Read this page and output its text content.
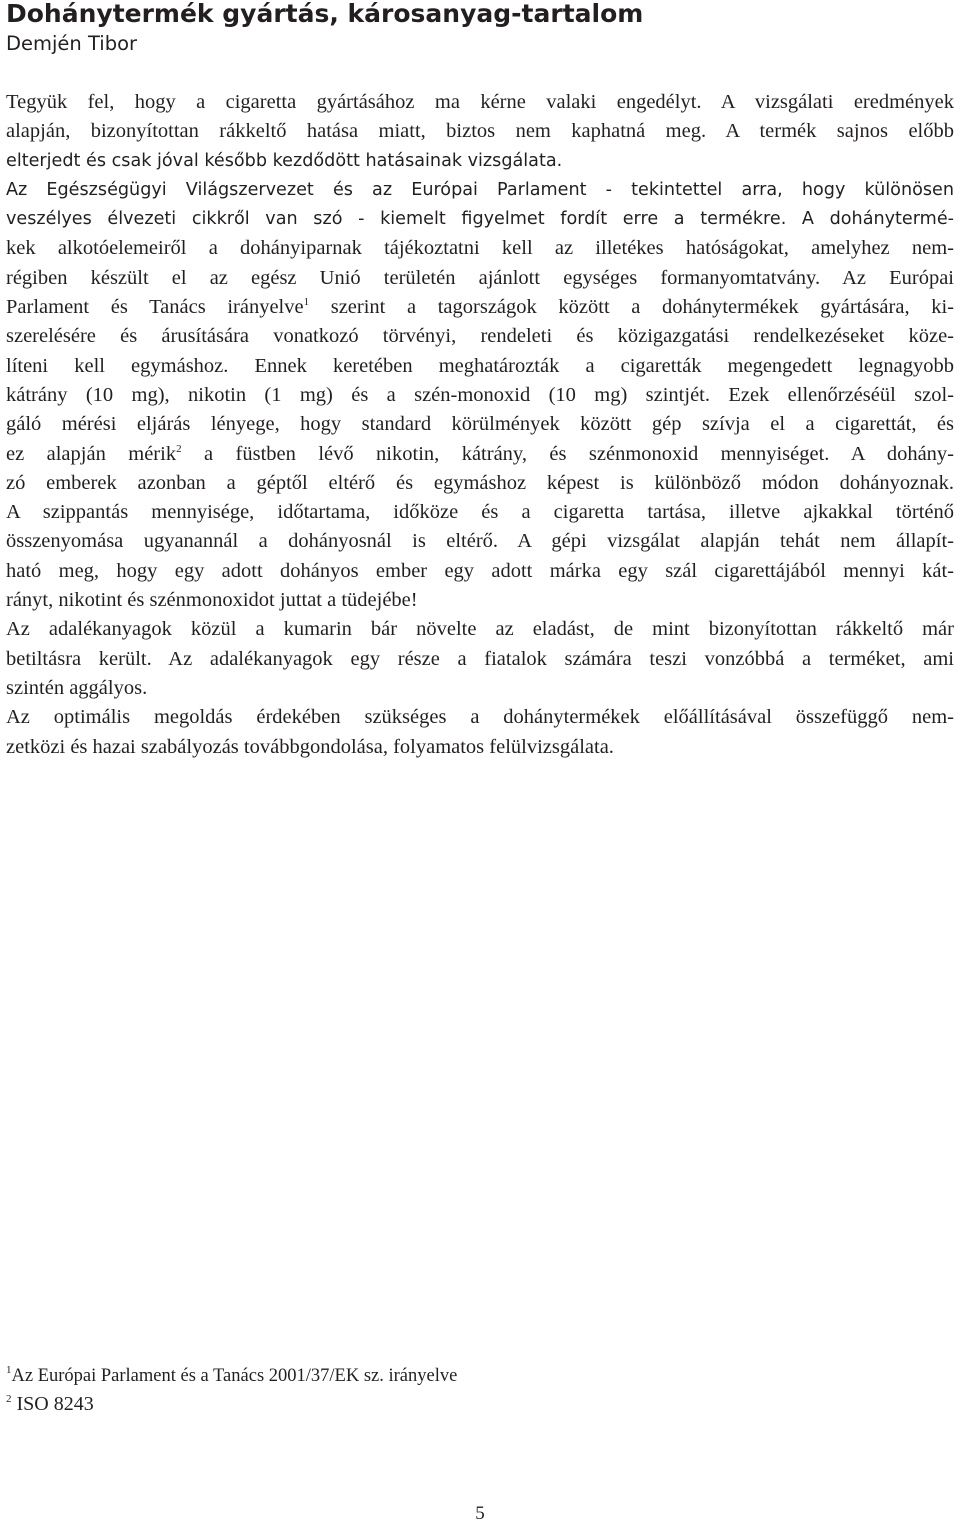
Dohánytermék gyártás, károsanyag-tartalom
Demjén Tibor
Tegyük fel, hogy a cigaretta gyártásához ma kérne valaki engedélyt. A vizsgálati eredmények
alapján, bizonyítottan rákkeltő hatása miatt, biztos nem kaphatná meg. A termék sajnos előbb
elterjedt és csak jóval később kezdődött hatásainak vizsgálata.
Az Egészségügyi Világszervezet és az Európai Parlament - tekintettel arra, hogy különösen
veszélyes élvezeti cikkről van szó - kiemelt figyelmet fordít erre a termékre. A dohánytermé-
kek alkotóelemeiről a dohányiparnak tájékoztatni kell az illetékes hatóságokat, amelyhez nem-
régiben készült el az egész Unió területén ajánlott egységes formanyomtatvány. Az Európai
Parlament és Tanács irányelve$^1$ szerint a tagországok között a dohánytermékek gyártására, ki-
szerelésére és árusítására vonatkozó törvényi, rendeleti és közigazgatási rendelkezéseket köze-
líteni kell egymáshoz. Ennek keretében meghatározták a cigaretták megengedett legnagyobb
kátrány (10 mg), nikotin (1 mg) és a szén-monoxid (10 mg) szintjét. Ezek ellenőrzéséül szol-
gáló mérési eljárás lényege, hogy standard körülmények között gép szívja el a cigarettát, és
ez alapján mérik$^2$ a füstben lévő nikotin, kátrány, és szénmonoxid mennyiséget. A dohány-
zó emberek azonban a géptől eltérő és egymáshoz képest is különböző módon dohányoznak.
A szippantás mennyisége, időtartama, időköze és a cigaretta tartása, illetve ajkakkal történő
összenyomása ugyanannál a dohányosnál is eltérő. A gépi vizsgálat alapján tehát nem állapít-
ható meg, hogy egy adott dohányos ember egy adott márka egy szál cigarettájából mennyi kát-
rányt, nikotint és szénmonoxidot juttat a tüdejébe!
Az adalékanyagok közül a kumarin bár növelte az eladást, de mint bizonyítottan rákkeltő már
betiltásra került. Az adalékanyagok egy része a fiatalok számára teszi vonzóbbá a terméket, ami
szintén aggályos.
Az optimális megoldás érdekében szükséges a dohánytermékek előállításával összefüggő nem-
zetközi és hazai szabályozás továbbgondolása, folyamatos felülvizsgálata.
$^1$Az Európai Parlament és a Tanács 2001/37/EK sz. irányelve
$^2$ ISO 8243
5
